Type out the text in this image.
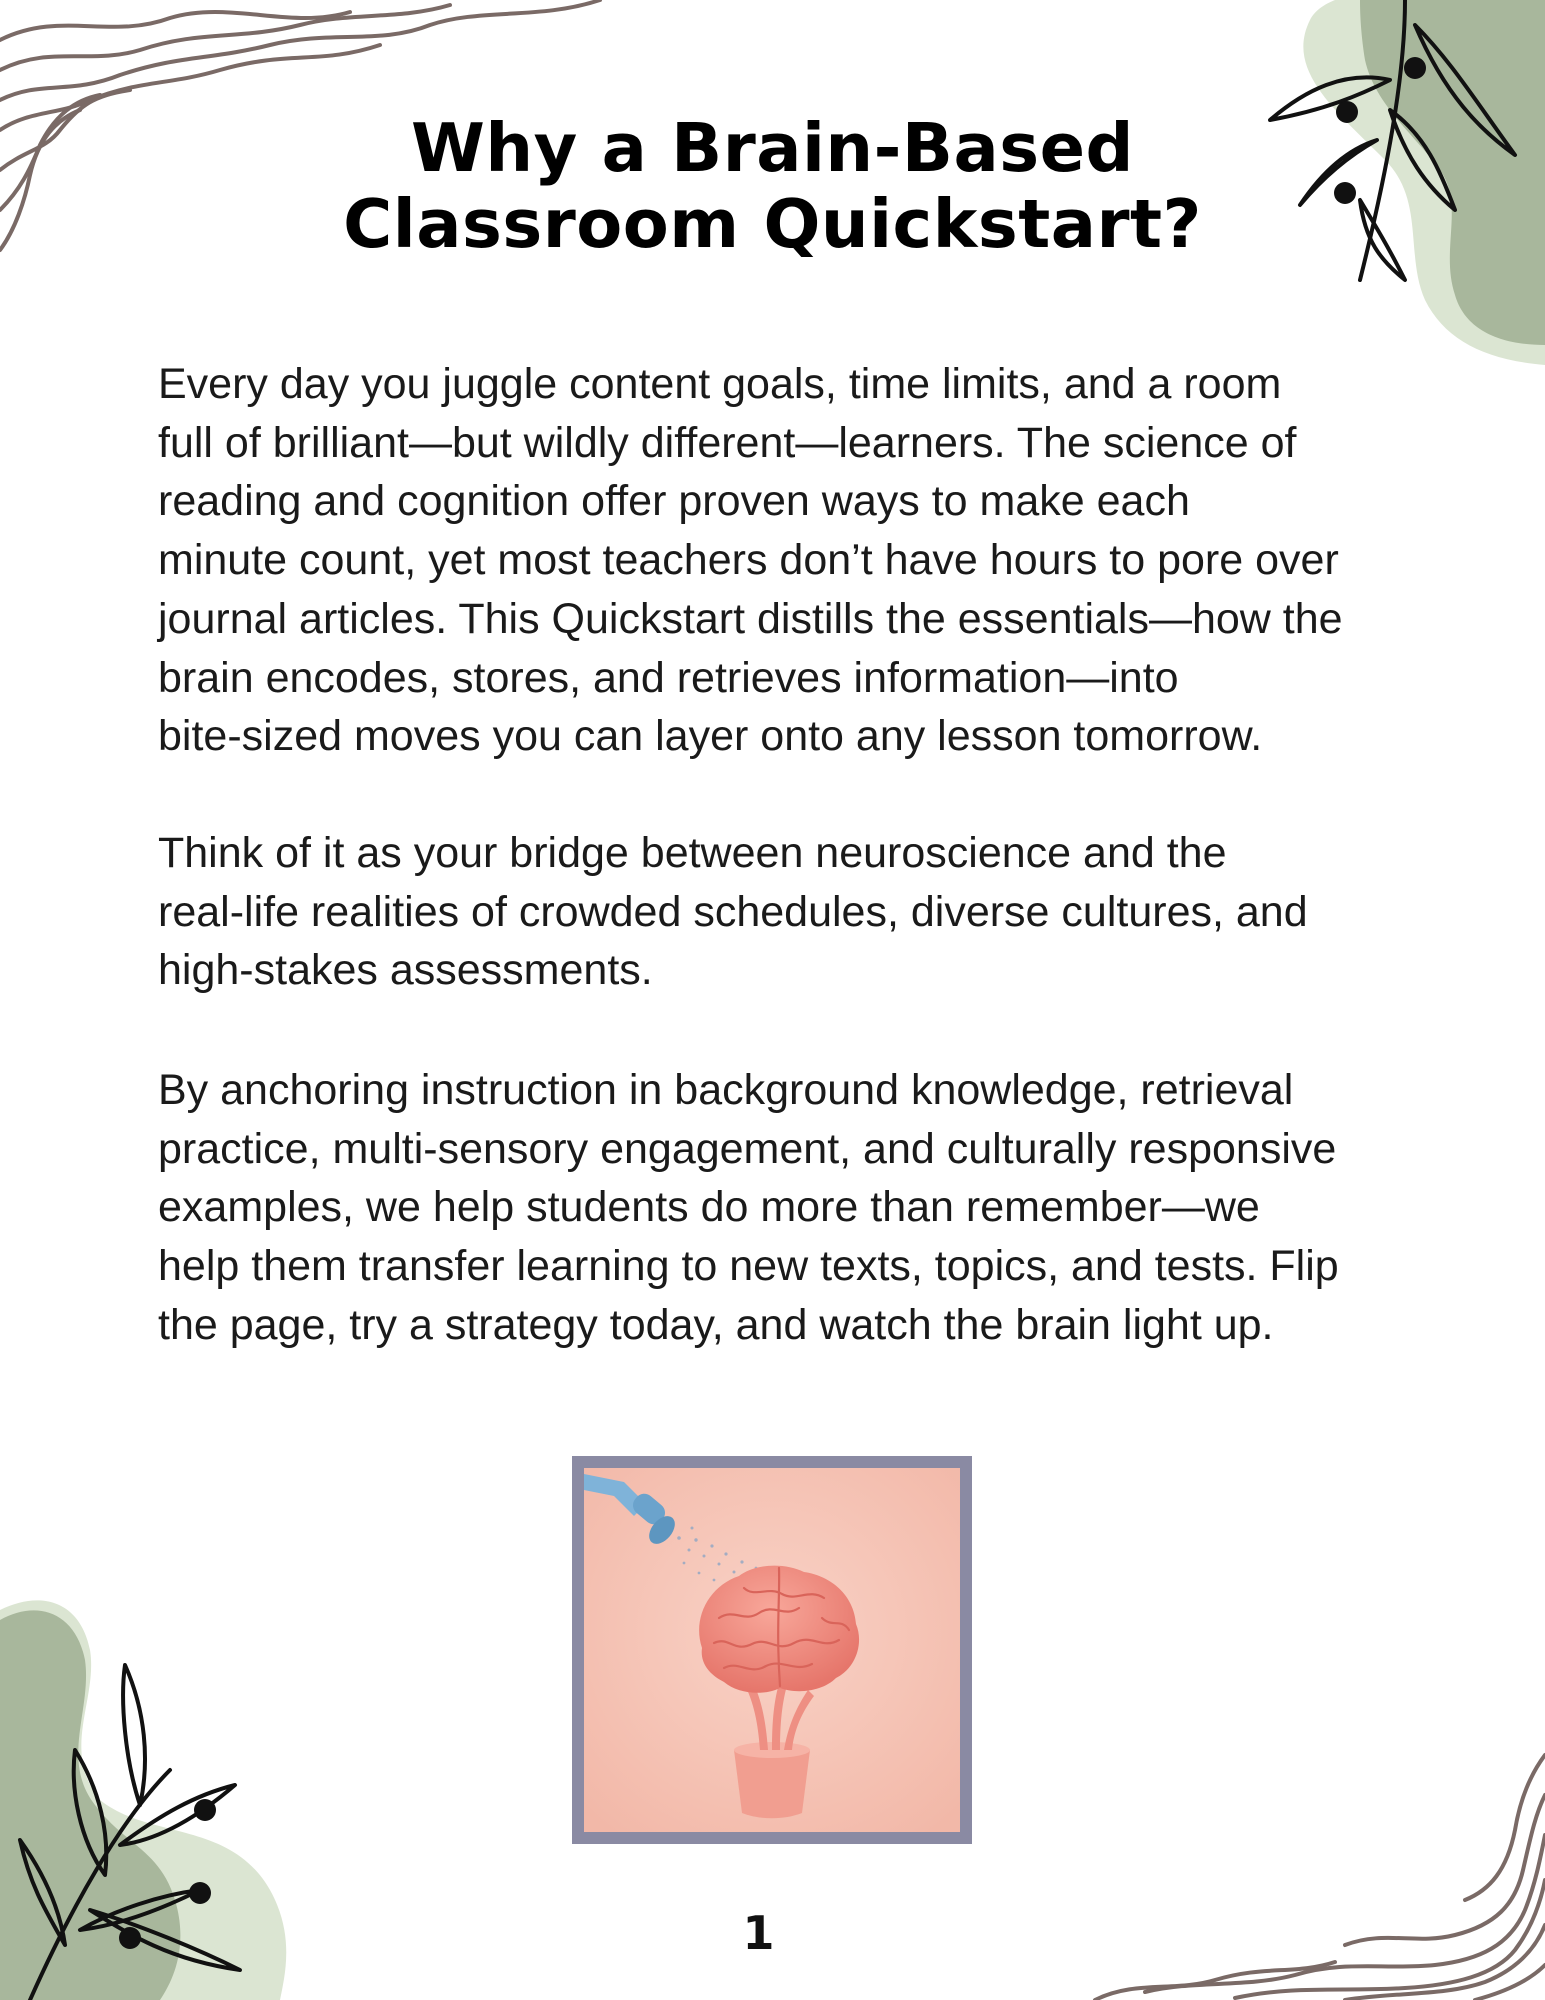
Why a Brain-Based
Classroom Quickstart?

Every day you juggle content goals, time limits, and a room
full of brilliant—but wildly different—learners. The science of
reading and cognition offer proven ways to make each
minute count, yet most teachers don’t have hours to pore over
journal articles. This Quickstart distills the essentials—how the
brain encodes, stores, and retrieves information—into
bite-sized moves you can layer onto any lesson tomorrow.

Think of it as your bridge between neuroscience and the
real-life realities of crowded schedules, diverse cultures, and
high-stakes assessments.

By anchoring instruction in background knowledge, retrieval
practice, multi-sensory engagement, and culturally responsive
examples, we help students do more than remember—we
help them transfer learning to new texts, topics, and tests. Flip
the page, try a strategy today, and watch the brain light up.

1
